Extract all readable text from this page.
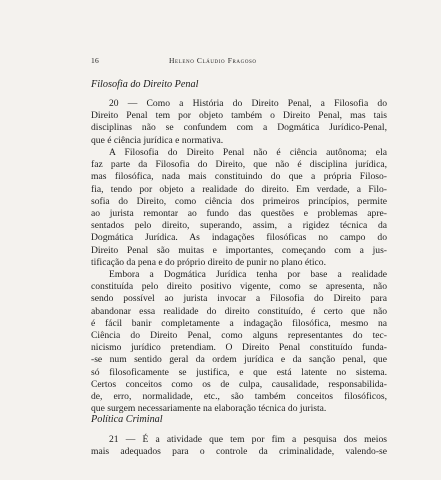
16	Heleno Cláudio Fragoso
Filosofia do Direito Penal
20 — Como a História do Direito Penal, a Filosofia do
Direito Penal tem por objeto também o Direito Penal, mas tais
disciplinas não se confundem com a Dogmática Jurídico-Penal,
que é ciência jurídica e normativa.
A Filosofia do Direito Penal não é ciência autônoma; ela
faz parte da Filosofia do Direito, que não é disciplina jurídica,
mas filosófica, nada mais constituindo do que a própria Filoso-
fia, tendo por objeto a realidade do direito. Em verdade, a Filo-
sofia do Direito, como ciência dos primeiros princípios, permite
ao jurista remontar ao fundo das questões e problemas apre-
sentados pelo direito, superando, assim, a rigidez técnica da
Dogmática Jurídica. As indagações filosóficas no campo do
Direito Penal são muitas e importantes, começando com a jus-
tificação da pena e do próprio direito de punir no plano ético.
Embora a Dogmática Jurídica tenha por base a realidade
constituída pelo direito positivo vigente, como se apresenta, não
sendo possível ao jurista invocar a Filosofia do Direito para
abandonar essa realidade do direito constituído, é certo que não
é fácil banir completamente a indagação filosófica, mesmo na
Ciência do Direito Penal, como alguns representantes do tec-
nicismo jurídico pretendiam. O Direito Penal constituído funda-
-se num sentido geral da ordem jurídica e da sanção penal, que
só filosoficamente se justifica, e que está latente no sistema.
Certos conceitos como os de culpa, causalidade, responsabilida-
de, erro, normalidade, etc., são também conceitos filosóficos,
que surgem necessariamente na elaboração técnica do jurista.
Política Criminal
21 — É a atividade que tem por fim a pesquisa dos meios
mais adequados para o controle da criminalidade, valendo-se
